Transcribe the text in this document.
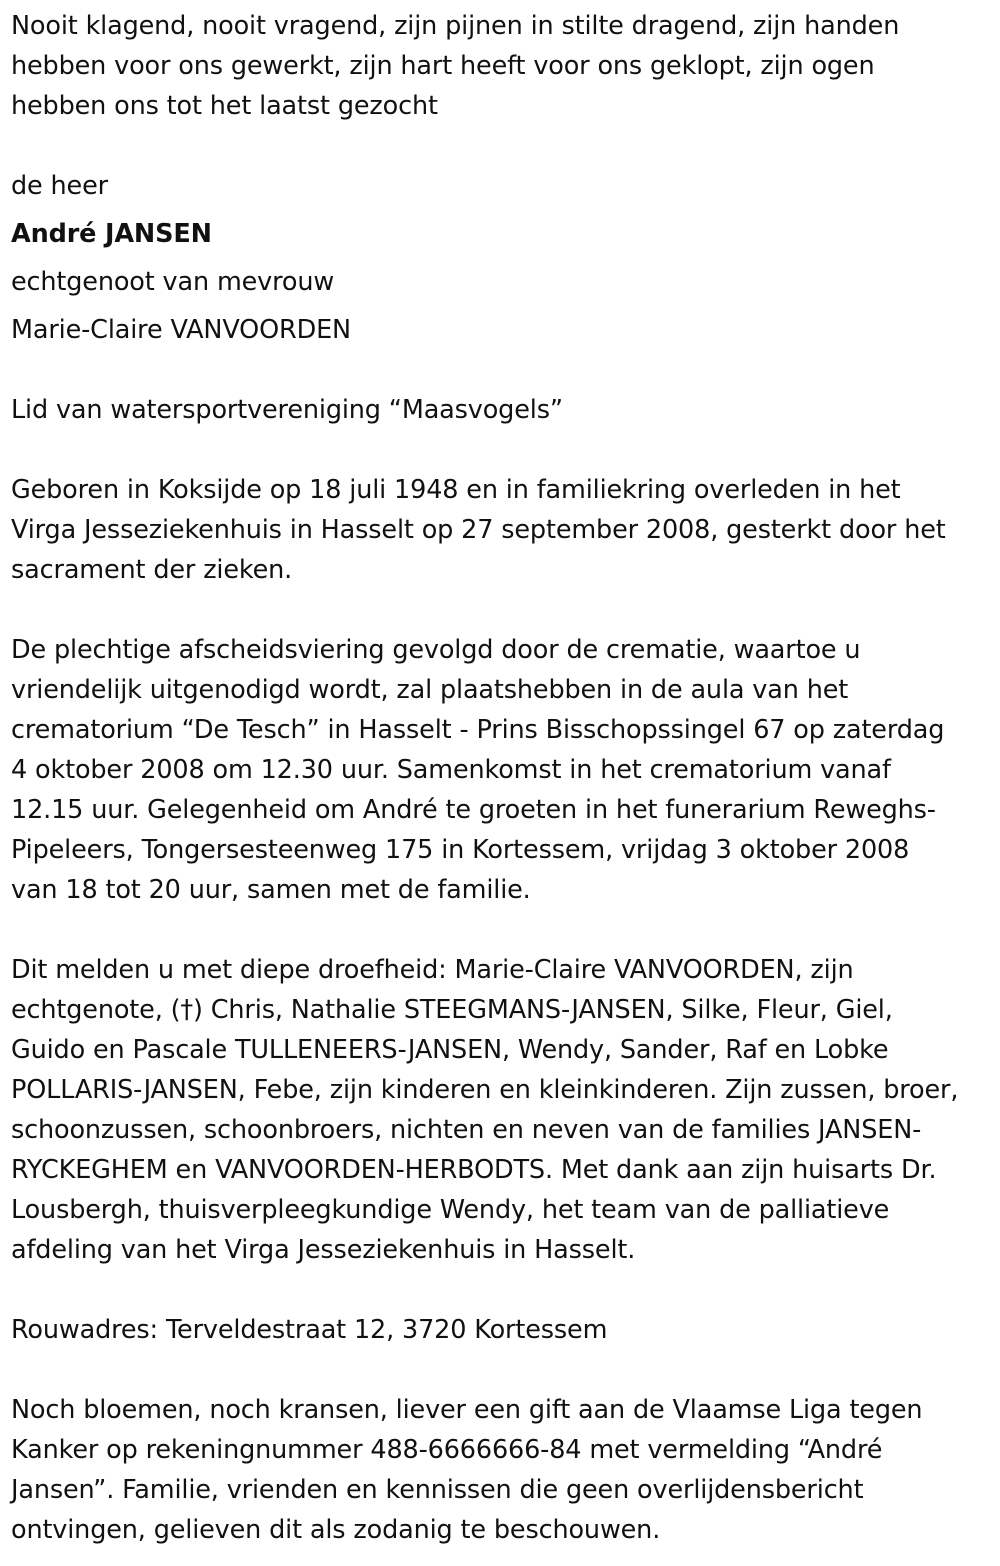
Nooit klagend, nooit vragend, zijn pijnen in stilte dragend, zijn handen
hebben voor ons gewerkt, zijn hart heeft voor ons geklopt, zijn ogen
hebben ons tot het laatst gezocht
de heer
André JANSEN
echtgenoot van mevrouw
Marie-Claire VANVOORDEN
Lid van watersportvereniging “Maasvogels”
Geboren in Koksijde op 18 juli 1948 en in familiekring overleden in het
Virga Jesseziekenhuis in Hasselt op 27 september 2008, gesterkt door het
sacrament der zieken.
De plechtige afscheidsviering gevolgd door de crematie, waartoe u
vriendelijk uitgenodigd wordt, zal plaatshebben in de aula van het
crematorium “De Tesch” in Hasselt - Prins Bisschopssingel 67 op zaterdag
4 oktober 2008 om 12.30 uur. Samenkomst in het crematorium vanaf
12.15 uur. Gelegenheid om André te groeten in het funerarium Reweghs-
Pipeleers, Tongersesteenweg 175 in Kortessem, vrijdag 3 oktober 2008
van 18 tot 20 uur, samen met de familie.
Dit melden u met diepe droefheid: Marie-Claire VANVOORDEN, zijn
echtgenote, (†) Chris, Nathalie STEEGMANS-JANSEN, Silke, Fleur, Giel,
Guido en Pascale TULLENEERS-JANSEN, Wendy, Sander, Raf en Lobke
POLLARIS-JANSEN, Febe, zijn kinderen en kleinkinderen. Zijn zussen, broer,
schoonzussen, schoonbroers, nichten en neven van de families JANSEN-
RYCKEGHEM en VANVOORDEN-HERBODTS. Met dank aan zijn huisarts Dr.
Lousbergh, thuisverpleegkundige Wendy, het team van de palliatieve
afdeling van het Virga Jesseziekenhuis in Hasselt.
Rouwadres: Terveldestraat 12, 3720 Kortessem
Noch bloemen, noch kransen, liever een gift aan de Vlaamse Liga tegen
Kanker op rekeningnummer 488-6666666-84 met vermelding “André
Jansen”. Familie, vrienden en kennissen die geen overlijdensbericht
ontvingen, gelieven dit als zodanig te beschouwen.
